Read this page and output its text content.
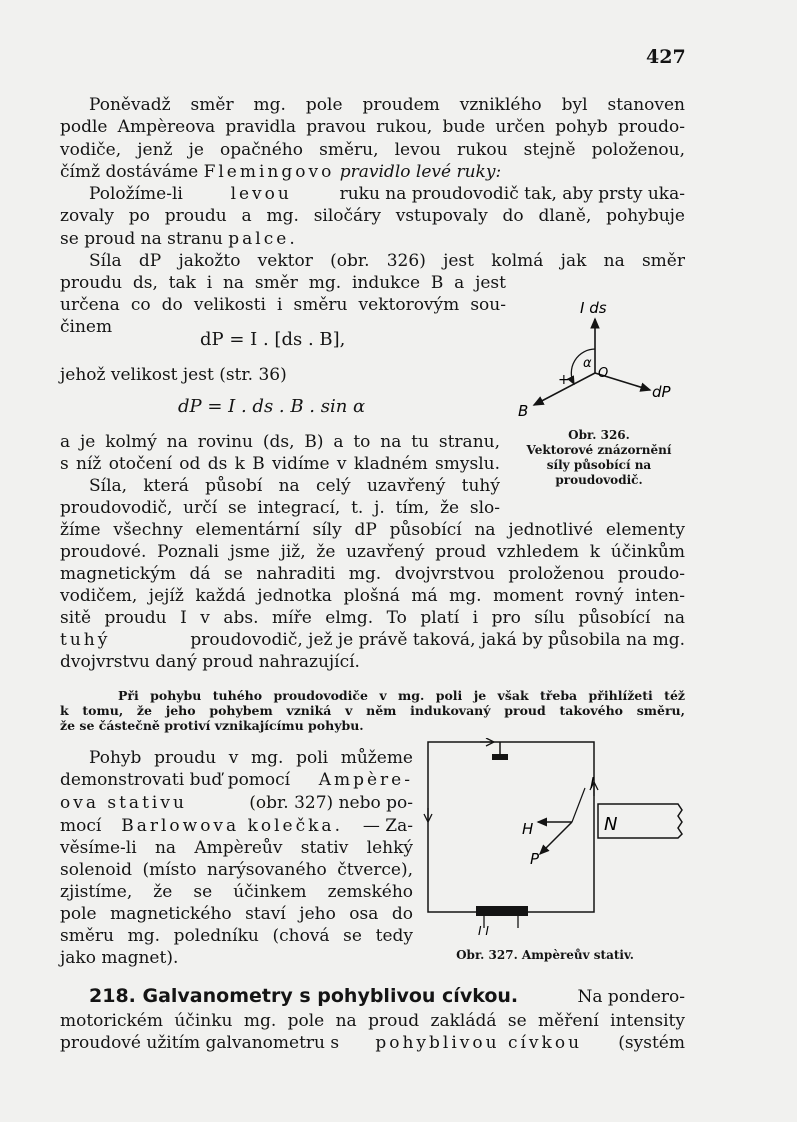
427
Poněvadž směr mg. pole proudem vzniklého byl stanoven
podle Ampèreova pravidla pravou rukou, bude určen pohyb proudo-
vodiče, jenž je opačného směru, levou rukou stejně položenou,
čímž dostáváme Flemingovo pravidlo levé ruky:
Položíme-li	levou	ruku na proudovodič tak, aby prsty uka-
zovaly po proudu a mg. siločáry vstupovaly do dlaně, pohybuje
se proud na stranu palce.
Síla dP jakožto vektor (obr. 326) jest kolmá jak na směr
proudu ds, tak i na směr mg. indukce B a jest
určena co do velikosti i směru vektorovým sou-
činem
dP = I . [ds . B],
jehož velikost jest (str. 36)
dP = I . ds . B . sin α
a je kolmý na rovinu (ds, B) a to na tu stranu,
s níž otočení od ds k B vidíme v kladném smyslu.
Síla, která působí na celý uzavřený tuhý
proudovodič, určí se integrací, t. j. tím, že slo-
žíme všechny elementární síly dP působící na jednotlivé elementy
proudové. Poznali jsme již, že uzavřený proud vzhledem k účinkům
magnetickým dá se nahraditi mg. dvojvrstvou proloženou proudo-
vodičem, jejíž každá jednotka plošná má mg. moment rovný inten-
sitě proudu I v abs. míře elmg. To platí i pro sílu působící na
tuhý	proudovodič, jež je právě taková, jaká by působila na mg.
dvojvrstvu daný proud nahrazující.
Při pohybu tuhého proudovodiče v mg. poli je však třeba přihlížeti též
k tomu, že jeho pohybem vzniká v něm indukovaný proud takového směru,
že se částečně protiví vznikajícímu pohybu.
Pohyb proudu v mg. poli můžeme
demonstrovati buď pomocí Ampère-
ova stativu	(obr. 327) nebo po-
mocí Barlowova kolečka. — Za-
věsíme-li na Ampèreův stativ lehký
solenoid (místo narýsovaného čtverce),
zjistíme, že se účinkem zemského
pole magnetického staví jeho osa do
směru mg. poledníku (chová se tedy
jako magnet).
218. Galvanometry s pohyblivou cívkou.	Na pondero-
motorickém účinku mg. pole na proud zakládá se měření intensity
proudové užitím galvanometru s pohyblivou cívkou (systém
I ds
dP
B
α
O
+
Obr. 326.
Vektorové znázornění
síly působící na
proudovodič.
N
H
I
P
I I
Obr. 327. Ampèreův stativ.
